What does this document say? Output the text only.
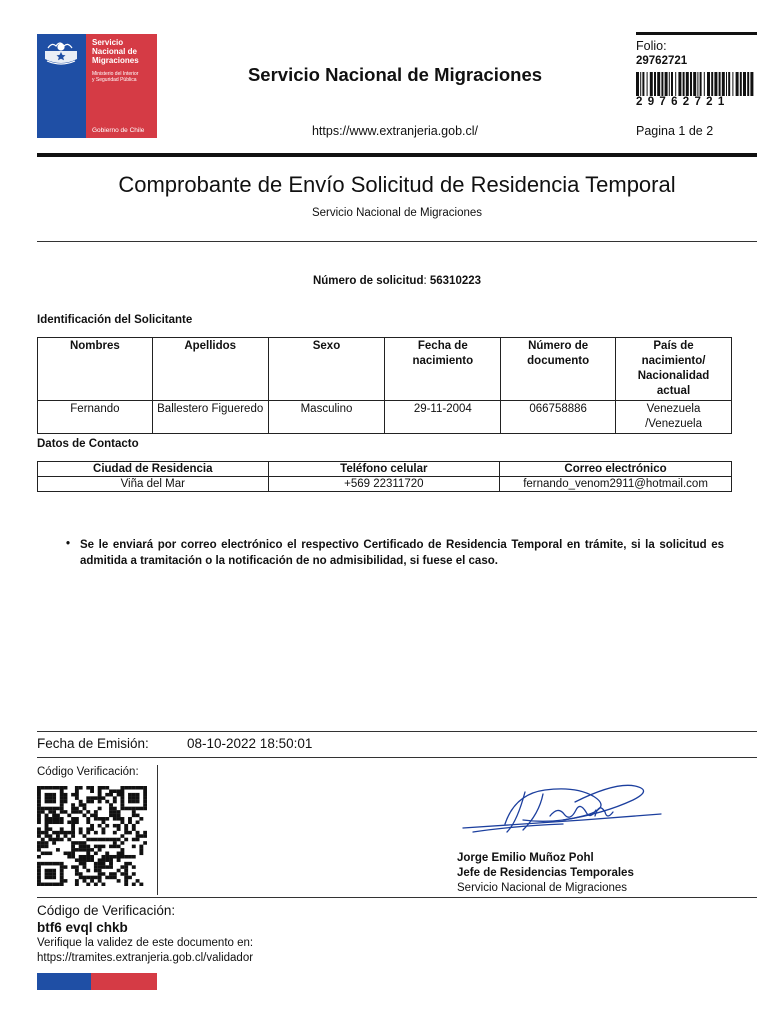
Servicio
Nacional de
Migraciones
Ministerio del Interior
y Seguridad Pública
Gobierno de Chile
Servicio Nacional de Migraciones
https://www.extranjeria.gob.cl/
Folio:
29762721
29762721
Pagina 1 de 2
Comprobante de Envío Solicitud de Residencia Temporal
Servicio Nacional de Migraciones
Número de solicitud: 56310223
Identificación del Solicitante
Nombres	Apellidos	Sexo	Fecha de nacimiento	Número de documento	País de nacimiento/ Nacionalidad actual
Fernando	Ballestero Figueredo	Masculino	29-11-2004	066758886	Venezuela /Venezuela
Datos de Contacto
Ciudad de Residencia	Teléfono celular	Correo electrónico
Viña del Mar	+569 22311720	fernando_venom2911@hotmail.com
• Se le enviará por correo electrónico el respectivo Certificado de Residencia Temporal en trámite, si la solicitud es admitida a tramitación o la notificación de no admisibilidad, si fuese el caso.
Fecha de Emisión:	08-10-2022 18:50:01
Código Verificación:
Jorge Emilio Muñoz Pohl
Jefe de Residencias Temporales
Servicio Nacional de Migraciones
Código de Verificación:
btf6 evql chkb
Verifique la validez de este documento en:
https://tramites.extranjeria.gob.cl/validador
